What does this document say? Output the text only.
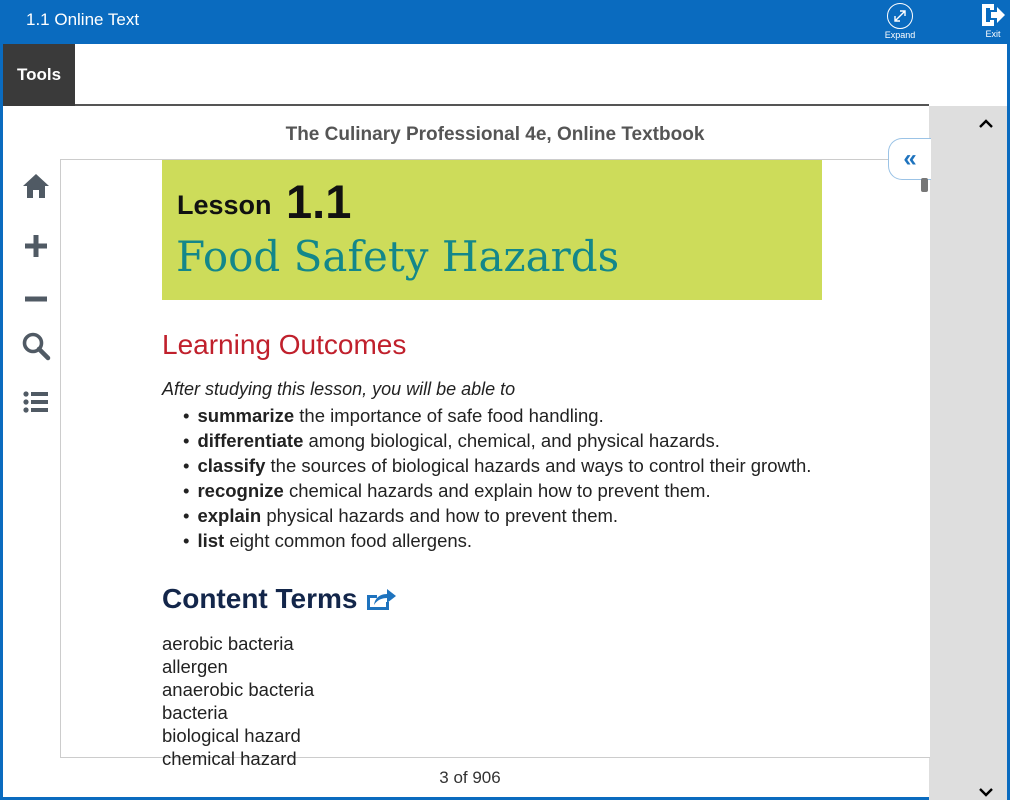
1.1 Online Text
Expand	Exit
Tools
The Culinary Professional 4e, Online Textbook
Lesson 1.1
Food Safety Hazards
Learning Outcomes
After studying this lesson, you will be able to
• summarize the importance of safe food handling.
• differentiate among biological, chemical, and physical hazards.
• classify the sources of biological hazards and ways to control their growth.
• recognize chemical hazards and explain how to prevent them.
• explain physical hazards and how to prevent them.
• list eight common food allergens.
Content Terms
aerobic bacteria
allergen
anaerobic bacteria
bacteria
biological hazard
chemical hazard
«
3 of 906
